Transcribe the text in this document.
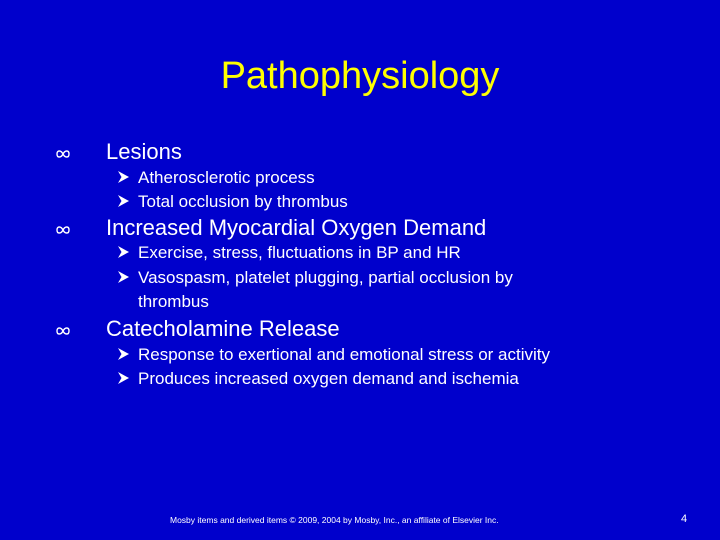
Pathophysiology
Lesions
Atherosclerotic process
Total occlusion by thrombus
Increased Myocardial Oxygen Demand
Exercise, stress, fluctuations in BP and HR
Vasospasm, platelet plugging, partial occlusion by
thrombus
Catecholamine Release
Response to exertional and emotional stress or activity
Produces increased oxygen demand and ischemia
Mosby items and derived items © 2009, 2004 by Mosby, Inc., an affiliate of Elsevier Inc.	4
